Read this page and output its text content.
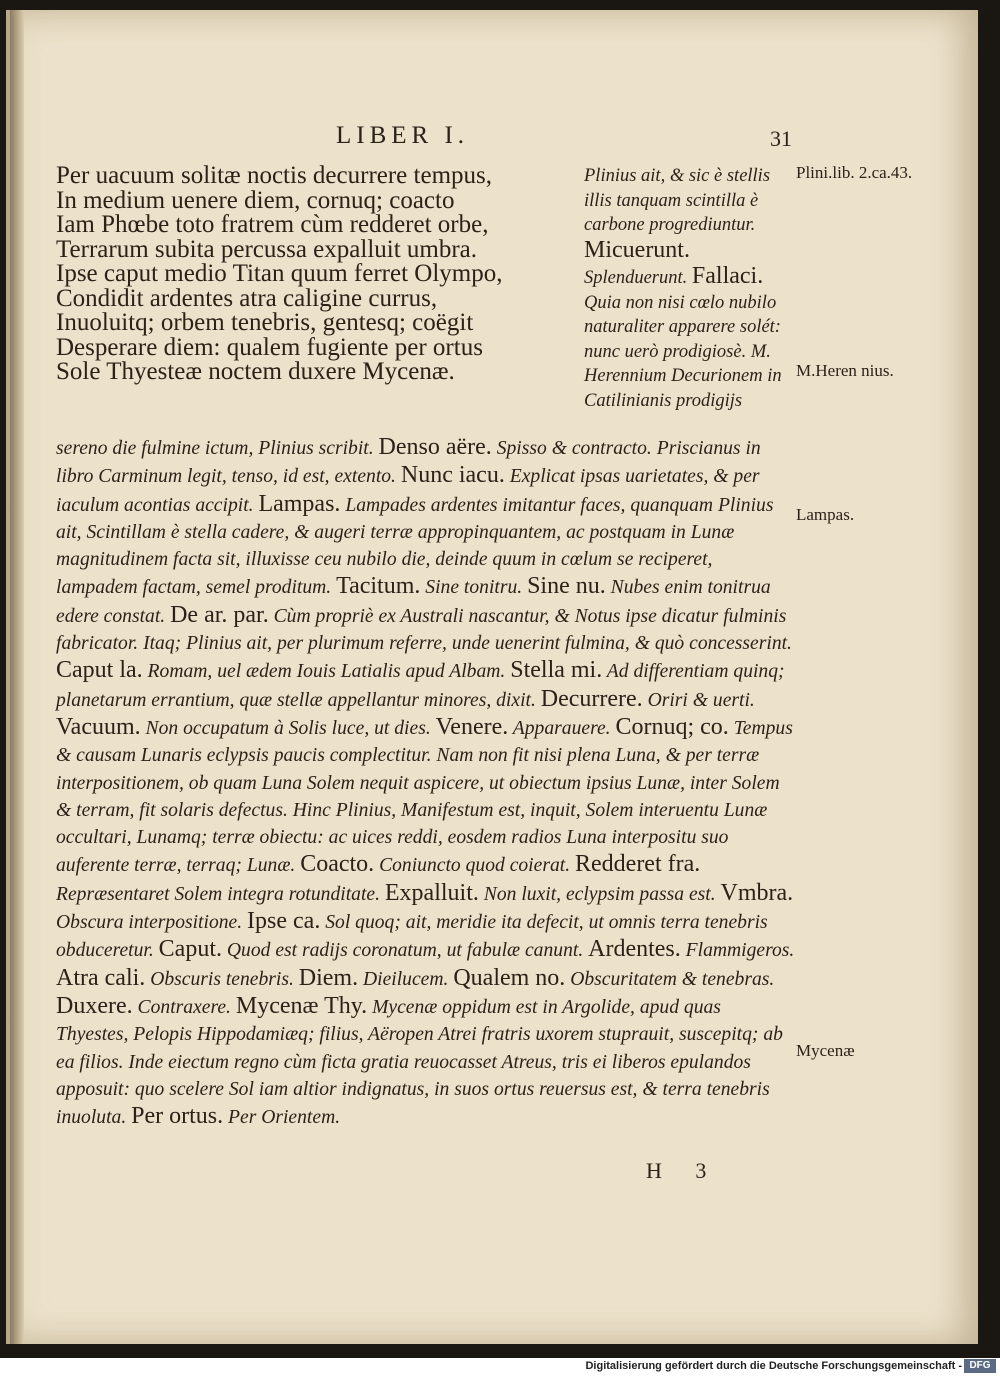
LIBER I.	31
Per uacuum solitæ noctis decurrere tempus,
In medium uenere diem, cornuq; coacto
Iam Phœbe toto fratrem cùm redderet orbe,
Terrarum subita percussa expalluit umbra.
Ipse caput medio Titan quum ferret Olympo,
Condidit ardentes atra caligine currus,
Inuoluitq; orbem tenebris, gentesq; coëgit
Desperare diem: qualem fugiente per ortus
Sole Thyesteæ noctem duxere Mycenæ.
Plinius ait, & sic è stellis illis tanquam scintilla è carbone progrediuntur. Micuerunt. Splenduerunt. Fallaci. Quia non nisi cœlo nubilo naturaliter apparere solét: nunc uerò prodigiosè. M. Herennium Decurionem in Catilinianis prodigijs
sereno die fulmine ictum, Plinius scribit. Denso aëre. Spisso & contracto. Priscianus in libro Carminum legit, tenso, id est, extento. Nunc iacu. Explicat ipsas uarietates, & per iaculum acontias accipit. Lampas. Lampades ardentes imitantur faces, quanquam Plinius ait, Scintillam è stella cadere, & augeri terræ appropinquantem, ac postquam in Lunæ magnitudinem facta sit, illuxisse ceu nubilo die, deinde quum in cœlum se reciperet, lampadem factam, semel proditum. Tacitum. Sine tonitru. Sine nu. Nubes enim tonitrua edere constat. De ar. par. Cùm propriè ex Australi nascantur, & Notus ipse dicatur fulminis fabricator. Itaq; Plinius ait, per plurimum referre, unde uenerint fulmina, & quò concesserint. Caput la. Romam, uel ædem Iouis Latialis apud Albam. Stella mi. Ad differentiam quinq; planetarum errantium, quæ stellæ appellantur minores, dixit. Decurrere. Oriri & uerti. Vacuum. Non occupatum à Solis luce, ut dies. Venere. Apparauere. Cornuq; co. Tempus & causam Lunaris eclypsis paucis complectitur. Nam non fit nisi plena Luna, & per terræ interpositionem, ob quam Luna Solem nequit aspicere, ut obiectum ipsius Lunæ, inter Solem & terram, fit solaris defectus. Hinc Plinius, Manifestum est, inquit, Solem interuentu Lunæ occultari, Lunamq; terræ obiectu: ac uices reddi, eosdem radios Luna interpositu suo auferente terræ, terraq; Lunæ. Coacto. Coniuncto quod coierat. Redderet fra. Repræsentaret Solem integra rotunditate. Expalluit. Non luxit, eclypsim passa est. Vmbra. Obscura interpositione. Ipse ca. Sol quoq; ait, meridie ita defecit, ut omnis terra tenebris obduceretur. Caput. Quod est radijs coronatum, ut fabulæ canunt. Ardentes. Flammigeros. Atra cali. Obscuris tenebris. Diem. Dieilucem. Qualem no. Obscuritatem & tenebras. Duxere. Contraxere. Mycenæ Thy. Mycenæ oppidum est in Argolide, apud quas Thyestes, Pelopis Hippodamiæq; filius, Aëropen Atrei fratris uxorem stuprauit, suscepitq; ab ea filios. Inde eiectum regno cùm ficta gratia reuocasset Atreus, tris ei liberos epulandos apposuit: quo scelere Sol iam altior indignatus, in suos ortus reuersus est, & terra tenebris inuoluta. Per ortus. Per Orientem.
Plini.lib. 2.ca.43.
M.Heren nius.
Lampas.
Mycenæ
H 3
Digitalisierung gefördert durch die Deutsche Forschungsgemeinschaft - DFG
